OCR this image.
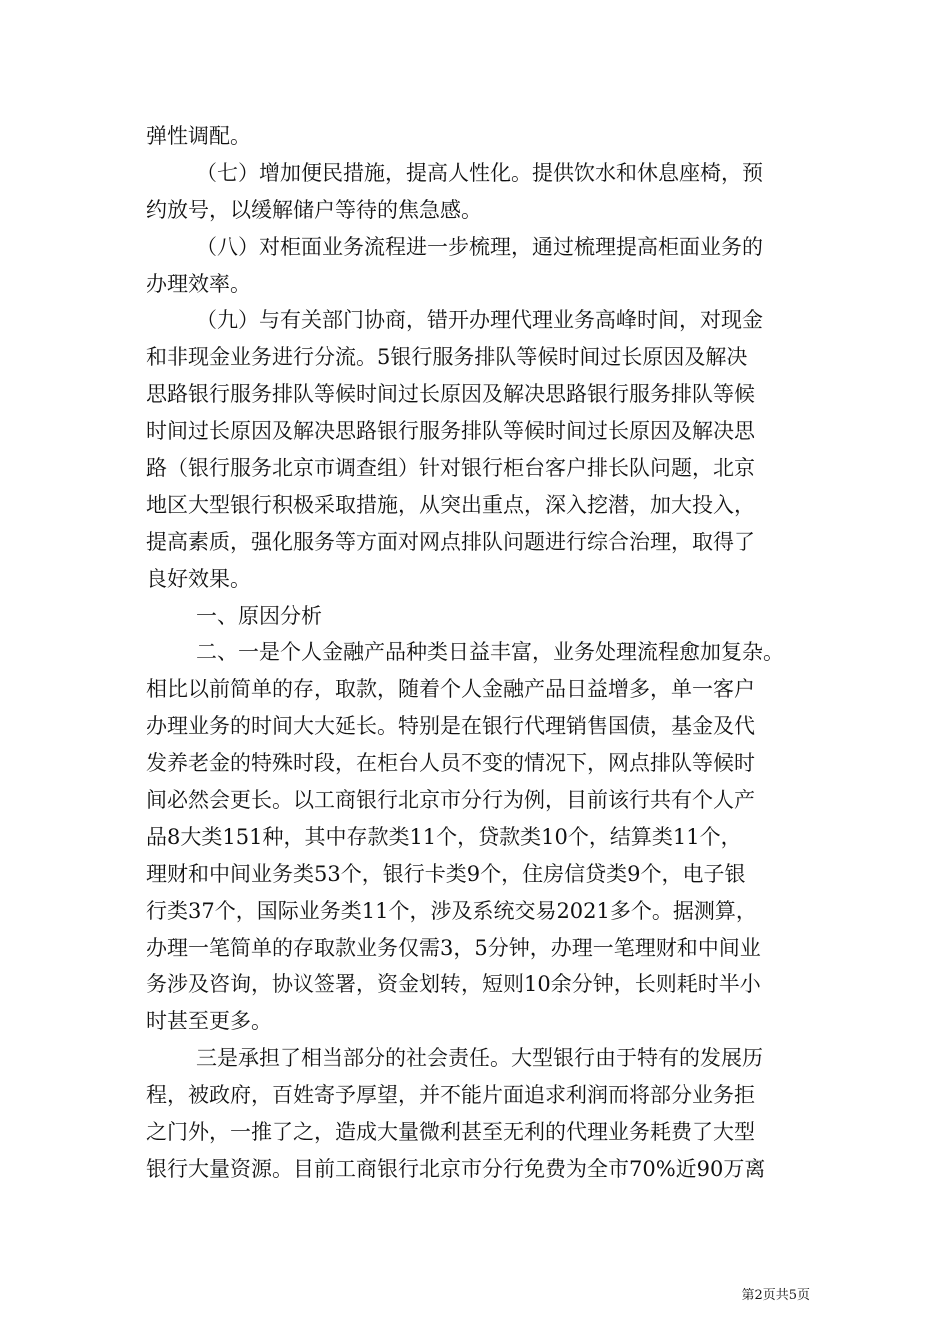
弹性调配。
（七）增加便民措施，提高人性化。提供饮水和休息座椅，预
约放号，以缓解储户等待的焦急感。
（八）对柜面业务流程进一步梳理，通过梳理提高柜面业务的
办理效率。
（九）与有关部门协商，错开办理代理业务高峰时间，对现金
和非现金业务进行分流。5银行服务排队等候时间过长原因及解决
思路银行服务排队等候时间过长原因及解决思路银行服务排队等候
时间过长原因及解决思路银行服务排队等候时间过长原因及解决思
路（银行服务北京市调查组）针对银行柜台客户排长队问题，北京
地区大型银行积极采取措施，从突出重点，深入挖潜，加大投入，
提高素质，强化服务等方面对网点排队问题进行综合治理，取得了
良好效果。
一、原因分析
二、一是个人金融产品种类日益丰富，业务处理流程愈加复杂。
相比以前简单的存，取款，随着个人金融产品日益增多，单一客户
办理业务的时间大大延长。特别是在银行代理销售国债，基金及代
发养老金的特殊时段，在柜台人员不变的情况下，网点排队等候时
间必然会更长。以工商银行北京市分行为例，目前该行共有个人产
品8大类151种，其中存款类11个，贷款类10个，结算类11个，
理财和中间业务类53个，银行卡类9个，住房信贷类9个，电子银
行类37个，国际业务类11个，涉及系统交易2021多个。据测算，
办理一笔简单的存取款业务仅需3，5分钟，办理一笔理财和中间业
务涉及咨询，协议签署，资金划转，短则10余分钟，长则耗时半小
时甚至更多。
三是承担了相当部分的社会责任。大型银行由于特有的发展历
程，被政府，百姓寄予厚望，并不能片面追求利润而将部分业务拒
之门外，一推了之，造成大量微利甚至无利的代理业务耗费了大型
银行大量资源。目前工商银行北京市分行免费为全市70%近90万离
第2页共5页
